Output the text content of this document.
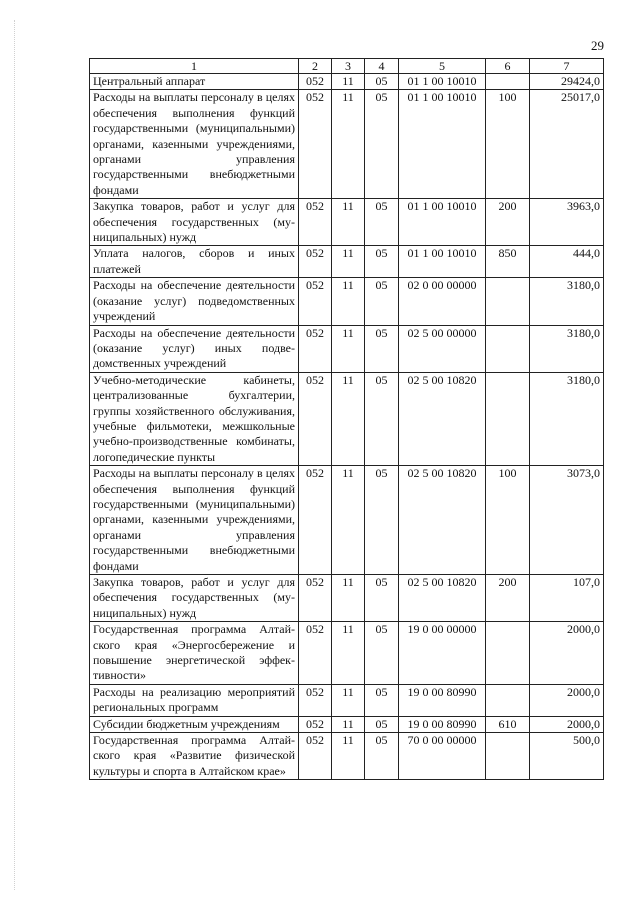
29
1	2	3	4	5	6	7
Центральный аппарат	052	11	05	01 1 00 10010		29424,0
Расходы на выплаты персоналу в целях обеспечения выполнения функций государственными (муниципальными) органами, казенными учреждениями, органами управления государственными внебюджетными фондами	052	11	05	01 1 00 10010	100	25017,0
Закупка товаров, работ и услуг для обеспечения государственных (муниципальных) нужд	052	11	05	01 1 00 10010	200	3963,0
Уплата налогов, сборов и иных платежей	052	11	05	01 1 00 10010	850	444,0
Расходы на обеспечение деятельности (оказание услуг) подведомственных учреждений	052	11	05	02 0 00 00000		3180,0
Расходы на обеспечение деятельности (оказание услуг) иных подведомственных учреждений	052	11	05	02 5 00 00000		3180,0
Учебно-методические кабинеты, централизованные бухгалтерии, группы хозяйственного обслуживания, учебные фильмотеки, межшкольные учебно-производственные комбинаты, логопедические пункты	052	11	05	02 5 00 10820		3180,0
Расходы на выплаты персоналу в целях обеспечения выполнения функций государственными (муниципальными) органами, казенными учреждениями, органами управления государственными внебюджетными фондами	052	11	05	02 5 00 10820	100	3073,0
Закупка товаров, работ и услуг для обеспечения государственных (муниципальных) нужд	052	11	05	02 5 00 10820	200	107,0
Государственная программа Алтайского края «Энергосбережение и повышение энергетической эффективности»	052	11	05	19 0 00 00000		2000,0
Расходы на реализацию мероприятий региональных программ	052	11	05	19 0 00 80990		2000,0
Субсидии бюджетным учреждениям	052	11	05	19 0 00 80990	610	2000,0
Государственная программа Алтайского края «Развитие физической культуры и спорта в Алтайском крае»	052	11	05	70 0 00 00000		500,0
